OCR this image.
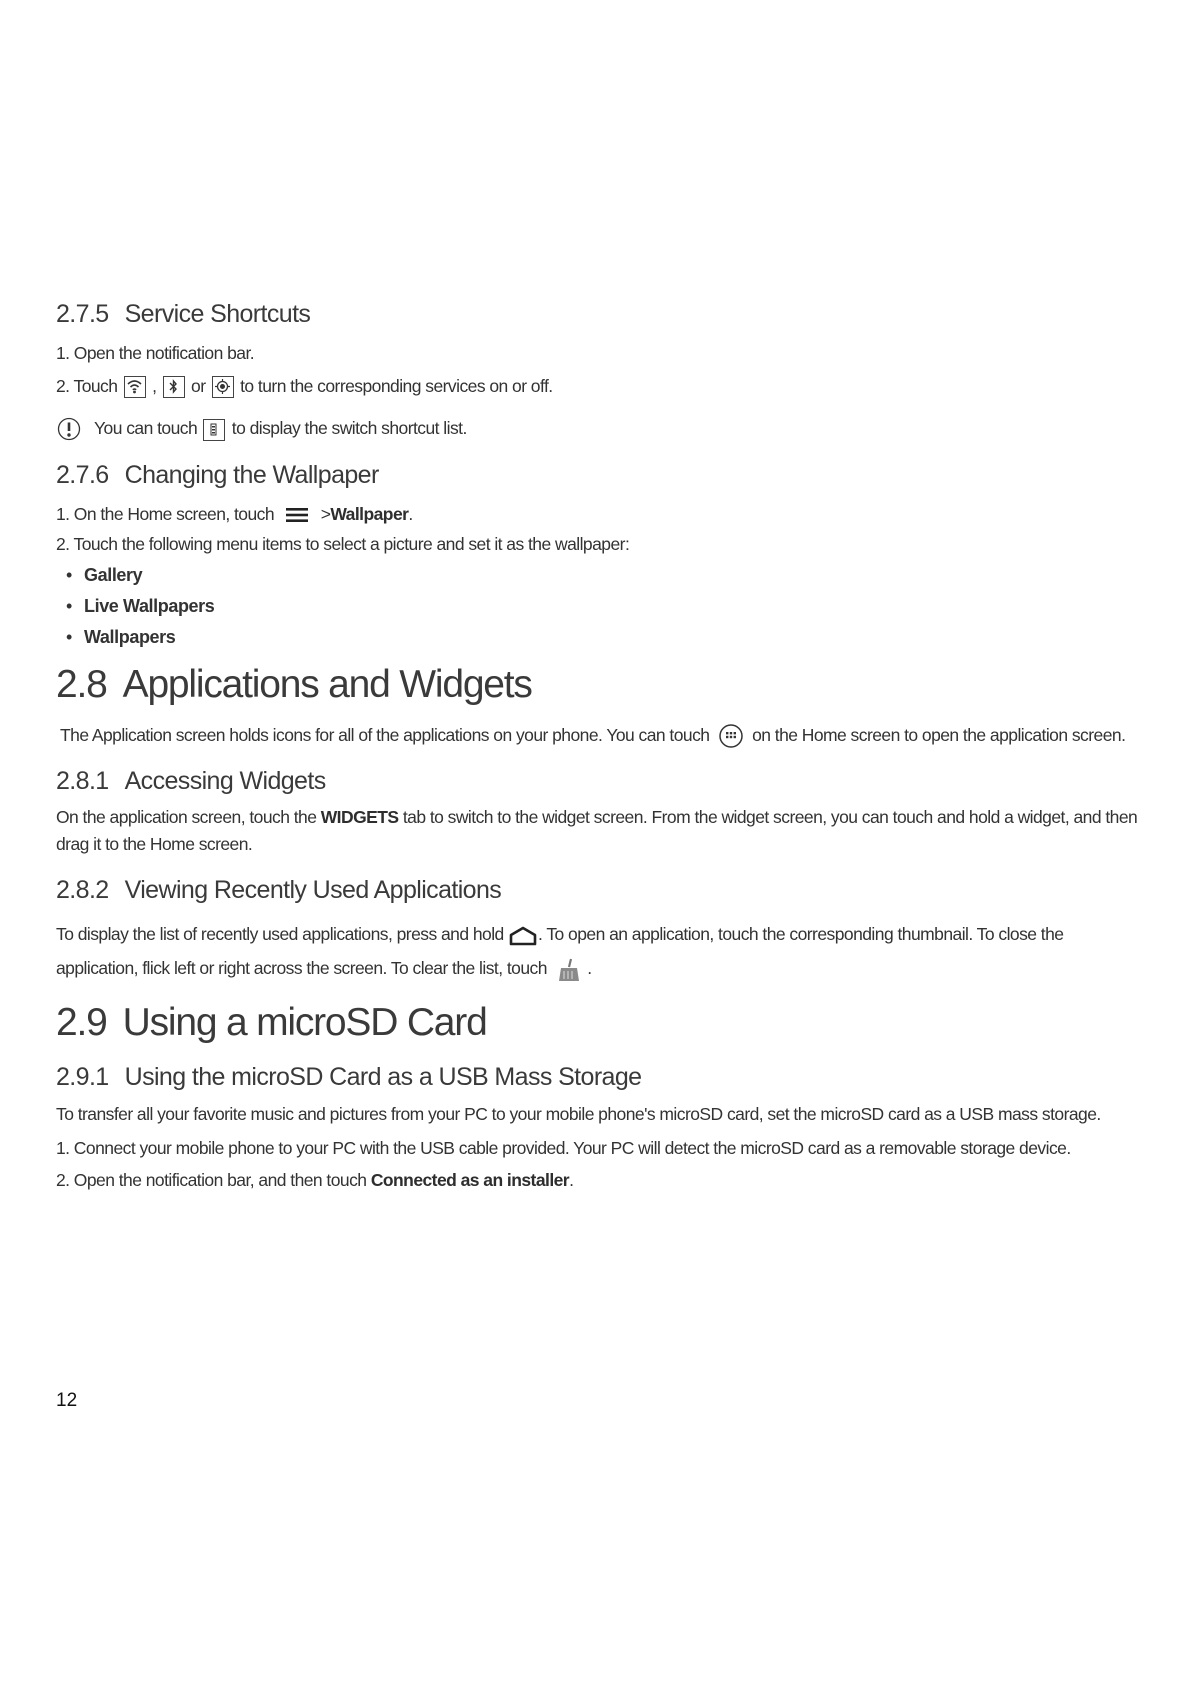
2.7.5 Service Shortcuts

1. Open the notification bar.

2. Touch , or to turn the corresponding services on or off.

You can touch to display the switch shortcut list.

2.7.6 Changing the Wallpaper

1. On the Home screen, touch	>Wallpaper.

2. Touch the following menu items to select a picture and set it as the wallpaper:

• Gallery

• Live Wallpapers

• Wallpapers

2.8 Applications and Widgets

The Application screen holds icons for all of the applications on your phone. You can touch on the Home screen to open the application screen.

2.8.1 Accessing Widgets

On the application screen, touch the WIDGETS tab to switch to the widget screen. From the widget screen, you can touch and hold a widget, and then drag it to the Home screen.

2.8.2 Viewing Recently Used Applications

To display the list of recently used applications, press and hold . To open an application, touch the corresponding thumbnail. To close the application, flick left or right across the screen. To clear the list, touch .

2.9 Using a microSD Card
2.9.1 Using the microSD Card as a USB Mass Storage

To transfer all your favorite music and pictures from your PC to your mobile phone's microSD card, set the microSD card as a USB mass storage.

1. Connect your mobile phone to your PC with the USB cable provided. Your PC will detect the microSD card as a removable storage device.

2. Open the notification bar, and then touch Connected as an installer.

12
